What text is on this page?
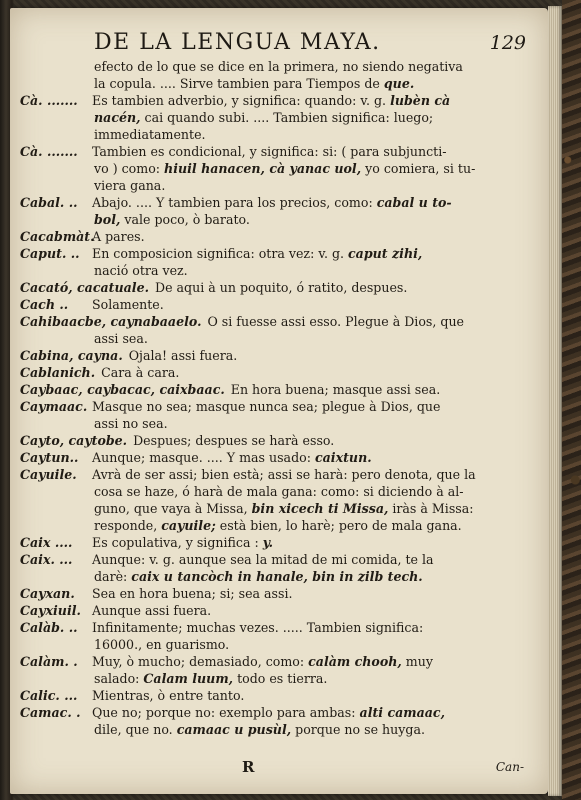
DE LA LENGUA MAYA.	129
efecto de lo que se dice en la primera, no siendo negativa
la copula. .... Sirve tambien para Tiempos de que.
Cà. ....... Es tambien adverbio, y significa: quando: v. g. lubèn cà
nacén, cai quando subi. .... Tambien significa: luego;
immediatamente.
Cà. ....... Tambien es condicional, y significa: si: ( para subjuncti-
vo ) como: hiuil hanacen, cà yanac uol, yo comiera, si tu-
viera gana.
Cabal. .. Abajo. .... Y tambien para los precios, como: cabal u to-
bol, vale poco, ò barato.
Cacabmàt.A pares.
Caput. .. En composicion significa: otra vez: v. g. caput zihi,
nació otra vez.
Cacató, cacatuale. De aqui à un poquito, ó ratito, despues.
Cach .. Solamente.
Cahibaacbe, caynabaaelo. O si fuesse assi esso. Plegue à Dios, que
assi sea.
Cabina, cayna. Ojala! assi fuera.
Cablanich. Cara à cara.
Caybaac, caybacac, caixbaac. En hora buena; masque assi sea.
Caymaac. Masque no sea; masque nunca sea; plegue à Dios, que
assi no sea.
Cayto, caytobe. Despues; despues se harà esso.
Caytun.. Aunque; masque. .... Y mas usado: caixtun.
Cayuile. Avrà de ser assi; bien està; assi se harà: pero denota, que la
cosa se haze, ó harà de mala gana: como: si diciendo à al-
guno, que vaya à Missa, bin xicech ti Missa, iràs à Missa:
responde, cayuile; està bien, lo harè; pero de mala gana.
Caix .... Es copulativa, y significa : y.
Caix. ... Aunque: v. g. aunque sea la mitad de mi comida, te la
darè: caix u tancòch in hanale, bin in zilb tech.
Cayxan. Sea en hora buena; si; sea assi.
Cayxiuil. Aunque assi fuera.
Calàb. .. Infinitamente; muchas vezes. ..... Tambien significa:
16000., en guarismo.
Calàm. . Muy, ò mucho; demasiado, como: calàm chooh, muy
salado: Calam luum, todo es tierra.
Calic. ... Mientras, ò entre tanto.
Camac. . Que no; porque no: exemplo para ambas: alti camaac,
dile, que no. camaac u pusùl, porque no se huyga.
R	Can-
